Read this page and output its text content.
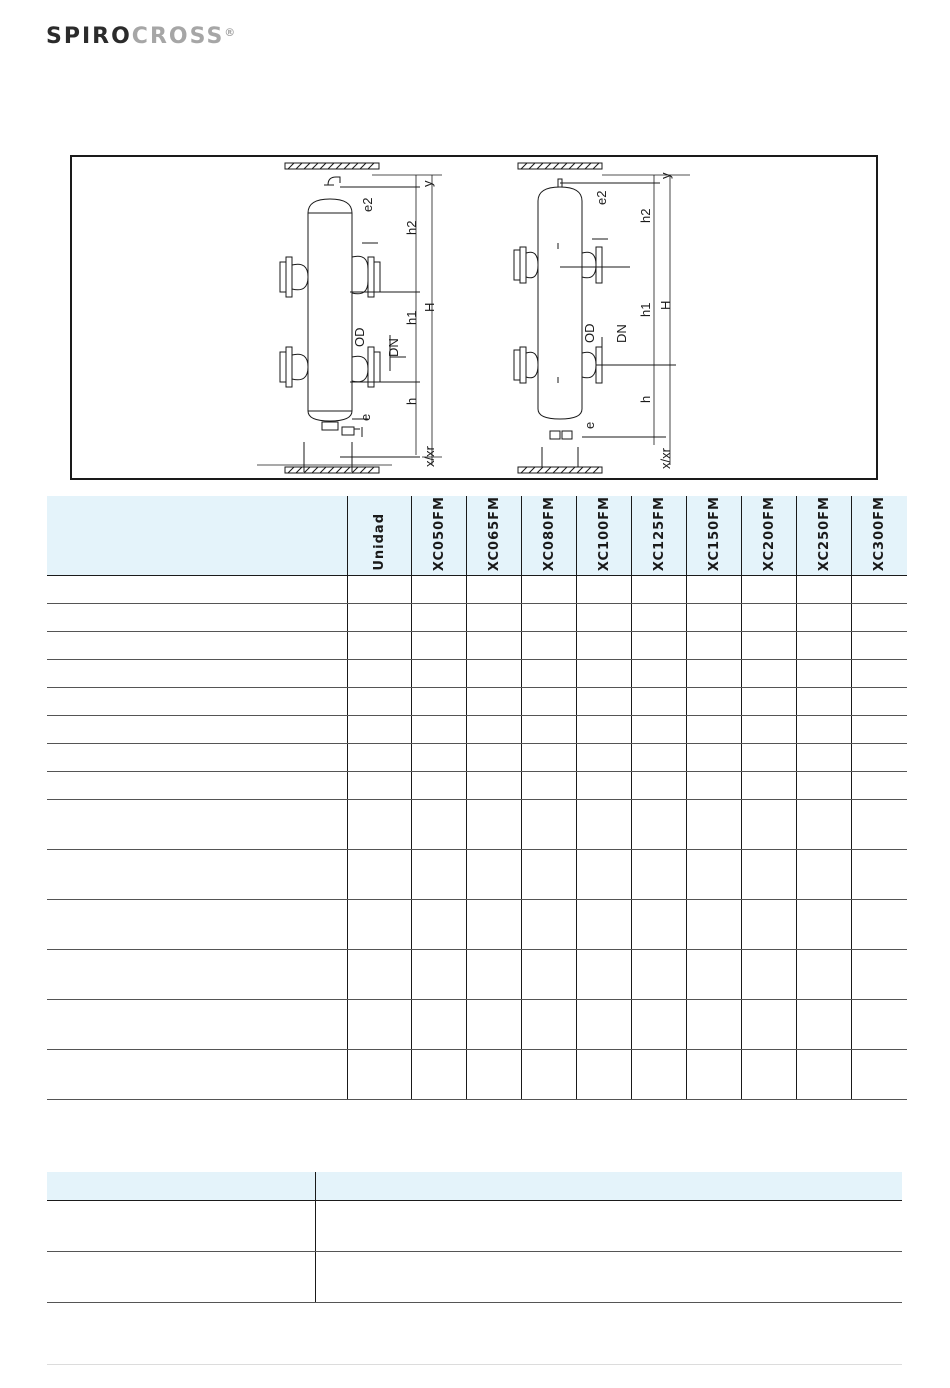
SPIROCROSS®
y
e2
h2
h1
H
OD
DN
h
e
x/xr
y
e2
h2
h1 H
OD DN
h
e
x/xr

	Unidad	XC050FM	XC065FM	XC080FM	XC100FM	XC125FM	XC150FM	XC200FM	XC250FM	XC300FM
